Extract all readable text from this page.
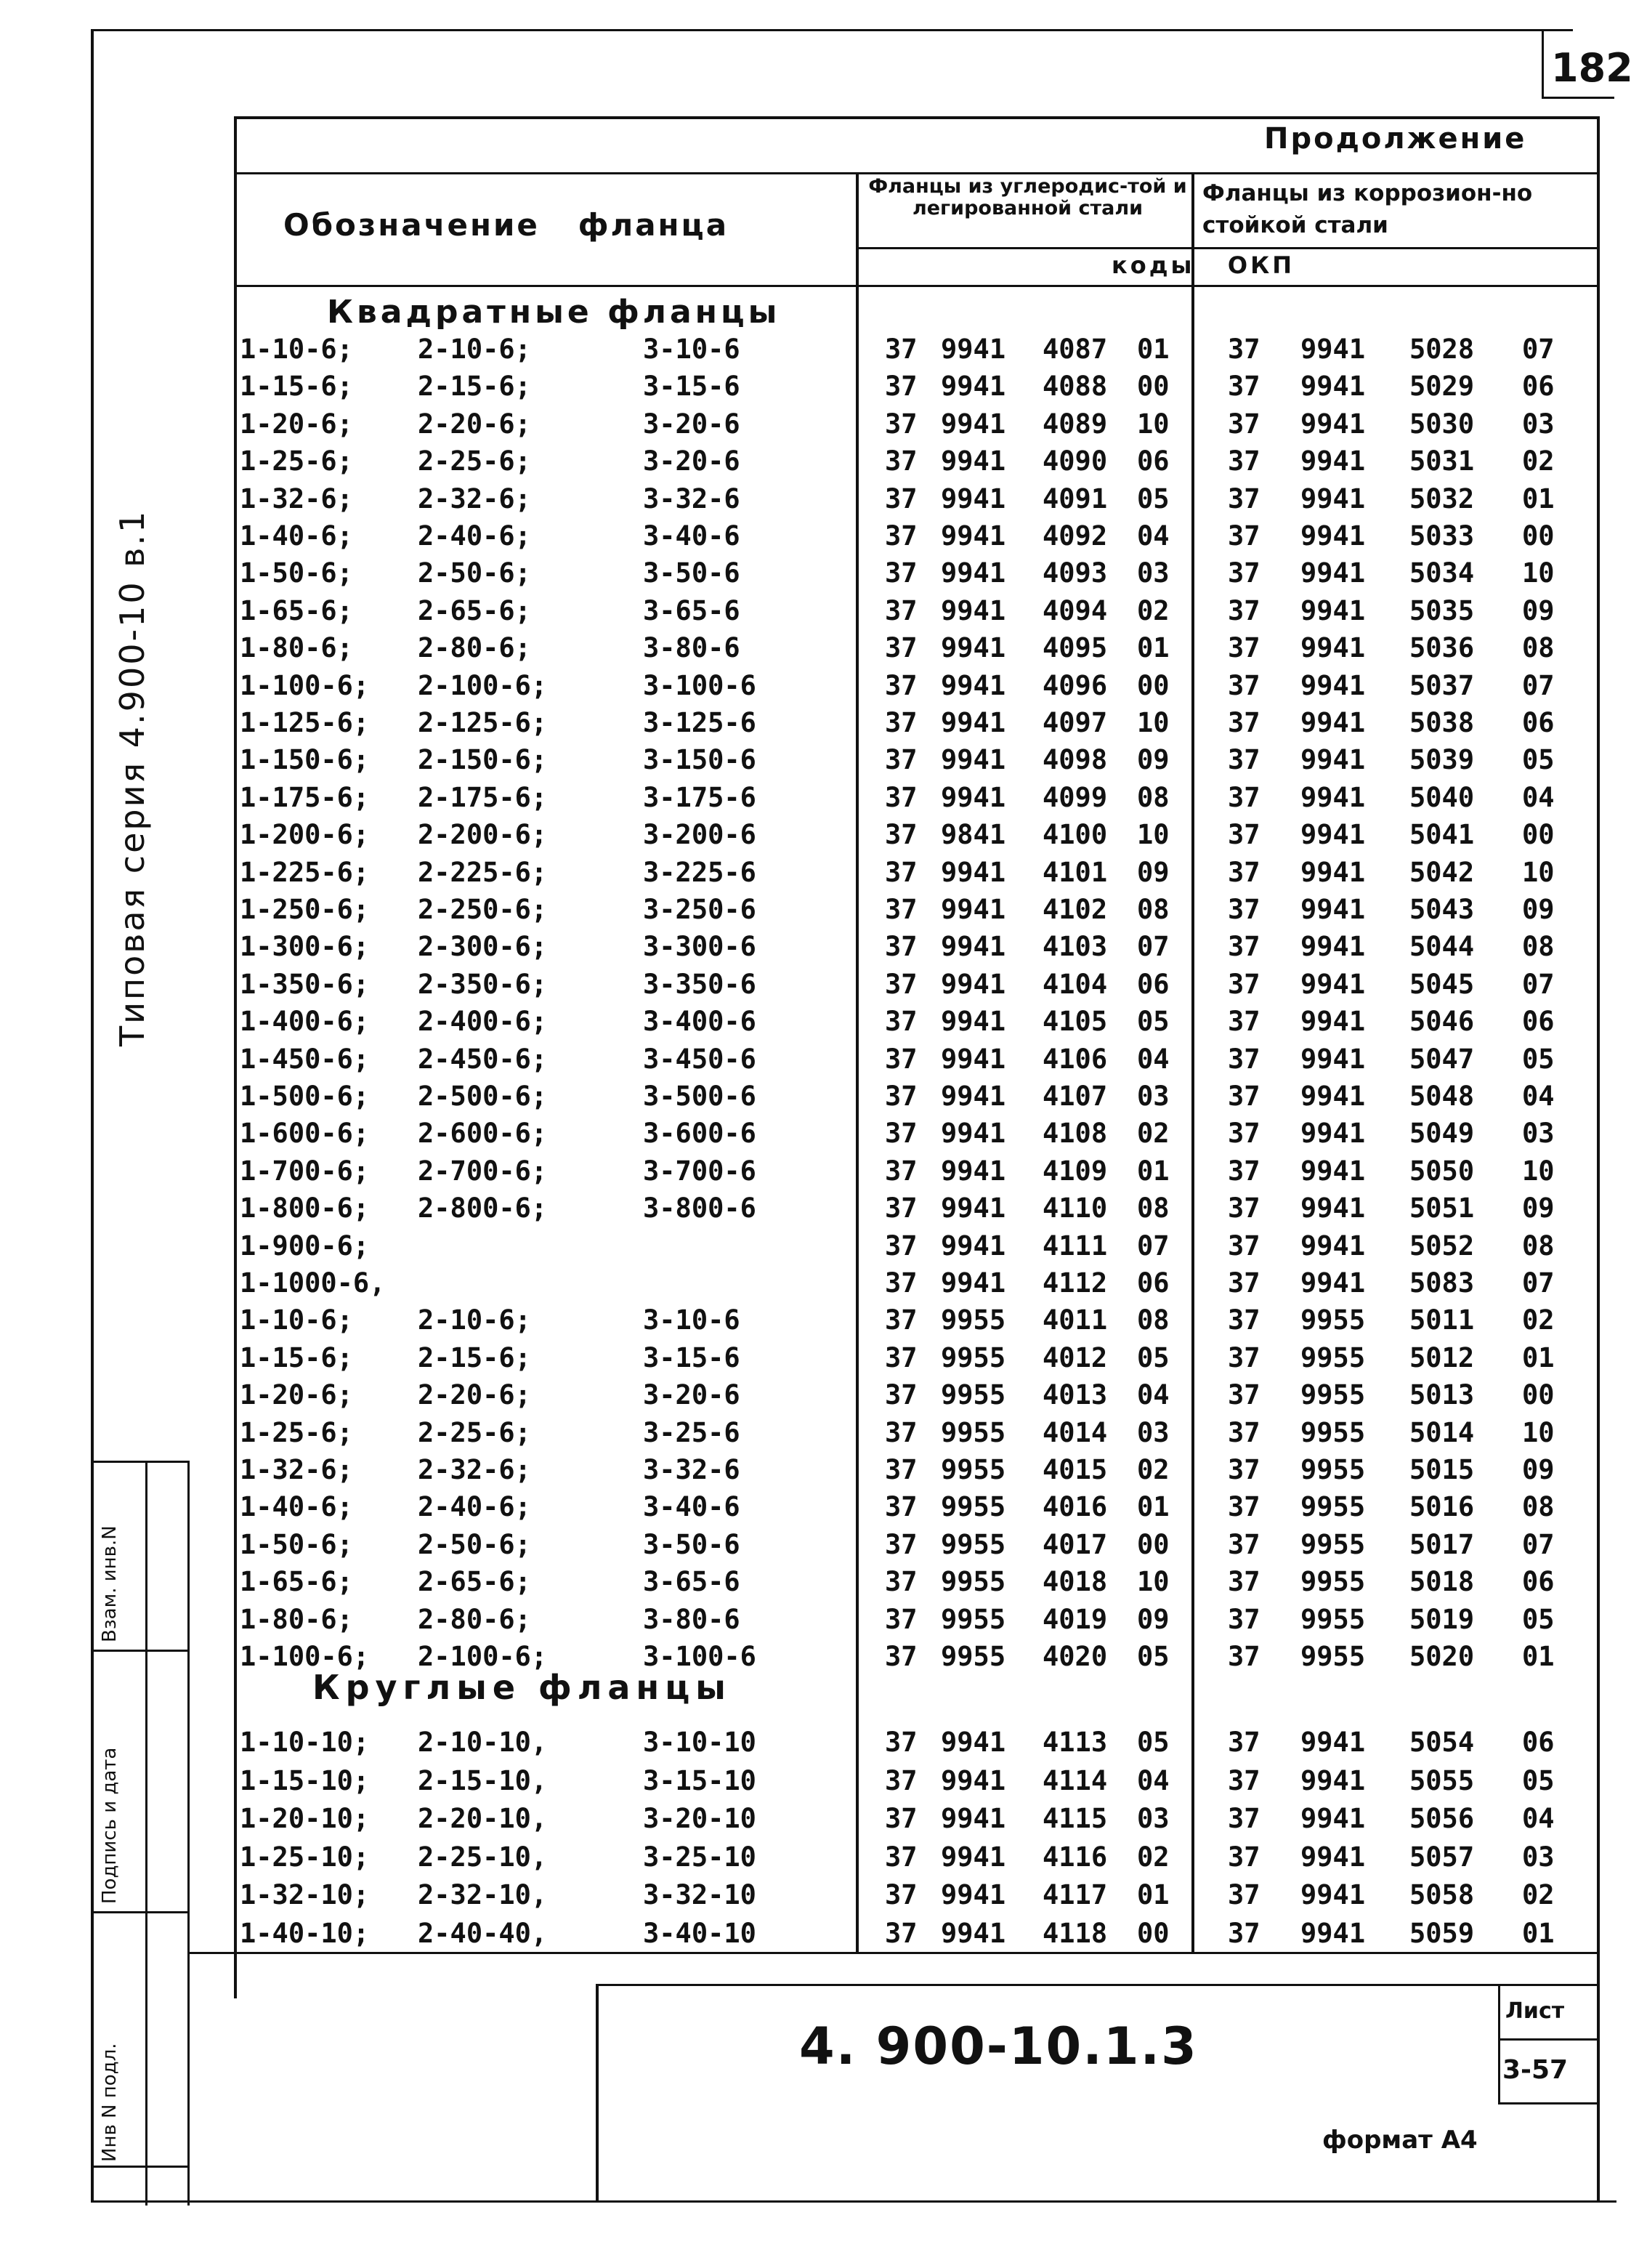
182
Продолжение
Обозначение   фланца
Фланцы из углеродис-той и легированной стали
Фланцы из коррозион-но стойкой стали
коды   ОКП
Типовая серия 4.900-10 в.1
Инв N подл.
Подпись и дата
Взам. инв.N
Квадратные фланцы
Круглые фланцы
1-10-6; 2-10-6;	3-10-6	37 9941 4087 01 37 9941 5028 07
1-15-6; 2-15-6;	3-15-6	37 9941 4088 00 37 9941 5029 06
1-20-6; 2-20-6;	3-20-6	37 9941 4089 10 37 9941 5030 03
1-25-6; 2-25-6;	3-20-6	37 9941 4090 06 37 9941 5031 02
1-32-6; 2-32-6;	3-32-6	37 9941 4091 05 37 9941 5032 01
1-40-6; 2-40-6;	3-40-6	37 9941 4092 04 37 9941 5033 00
1-50-6; 2-50-6;	3-50-6	37 9941 4093 03 37 9941 5034 10
1-65-6; 2-65-6;	3-65-6	37 9941 4094 02 37 9941 5035 09
1-80-6; 2-80-6;	3-80-6	37 9941 4095 01 37 9941 5036 08
1-100-6; 2-100-6;	3-100-6	37 9941 4096 00 37 9941 5037 07
1-125-6; 2-125-6;	3-125-6	37 9941 4097 10 37 9941 5038 06
1-150-6; 2-150-6;	3-150-6	37 9941 4098 09 37 9941 5039 05
1-175-6; 2-175-6;	3-175-6	37 9941 4099 08 37 9941 5040 04
1-200-6; 2-200-6;	3-200-6	37 9841 4100 10 37 9941 5041 00
1-225-6; 2-225-6;	3-225-6	37 9941 4101 09 37 9941 5042 10
1-250-6; 2-250-6;	3-250-6	37 9941 4102 08 37 9941 5043 09
1-300-6; 2-300-6;	3-300-6	37 9941 4103 07 37 9941 5044 08
1-350-6; 2-350-6;	3-350-6	37 9941 4104 06 37 9941 5045 07
1-400-6; 2-400-6;	3-400-6	37 9941 4105 05 37 9941 5046 06
1-450-6; 2-450-6;	3-450-6	37 9941 4106 04 37 9941 5047 05
1-500-6; 2-500-6;	3-500-6	37 9941 4107 03 37 9941 5048 04
1-600-6; 2-600-6;	3-600-6	37 9941 4108 02 37 9941 5049 03
1-700-6; 2-700-6;	3-700-6	37 9941 4109 01 37 9941 5050 10
1-800-6; 2-800-6;	3-800-6	37 9941 4110 08 37 9941 5051 09
1-900-6;	37 9941 4111 07 37 9941 5052 08
1-1000-6,	37 9941 4112 06 37 9941 5083 07
1-10-6; 2-10-6;	3-10-6	37 9955 4011 08 37 9955 5011 02
1-15-6; 2-15-6;	3-15-6	37 9955 4012 05 37 9955 5012 01
1-20-6; 2-20-6;	3-20-6	37 9955 4013 04 37 9955 5013 00
1-25-6; 2-25-6;	3-25-6	37 9955 4014 03 37 9955 5014 10
1-32-6; 2-32-6;	3-32-6	37 9955 4015 02 37 9955 5015 09
1-40-6; 2-40-6;	3-40-6	37 9955 4016 01 37 9955 5016 08
1-50-6; 2-50-6;	3-50-6	37 9955 4017 00 37 9955 5017 07
1-65-6; 2-65-6;	3-65-6	37 9955 4018 10 37 9955 5018 06
1-80-6; 2-80-6;	3-80-6	37 9955 4019 09 37 9955 5019 05
1-100-6; 2-100-6;	3-100-6	37 9955 4020 05 37 9955 5020 01
1-10-10; 2-10-10,	3-10-10	37 9941 4113 05 37 9941 5054 06
1-15-10; 2-15-10,	3-15-10	37 9941 4114 04 37 9941 5055 05
1-20-10; 2-20-10,	3-20-10	37 9941 4115 03 37 9941 5056 04
1-25-10; 2-25-10,	3-25-10	37 9941 4116 02 37 9941 5057 03
1-32-10; 2-32-10,	3-32-10	37 9941 4117 01 37 9941 5058 02
1-40-10; 2-40-40,	3-40-10	37 9941 4118 00 37 9941 5059 01
4. 900-10.1.3
Лист
3-57
формат А4
